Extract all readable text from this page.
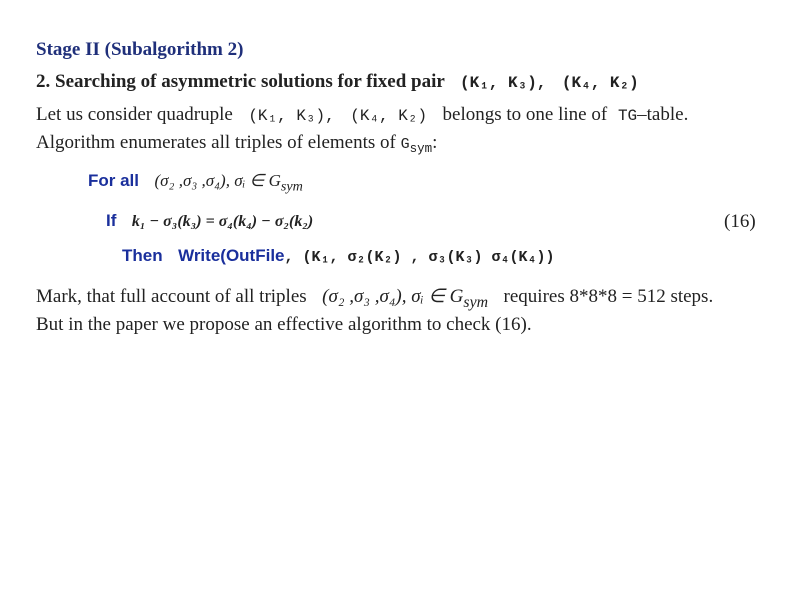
Stage II (Subalgorithm 2)
2. Searching of asymmetric solutions for fixed pair (K₁, K₃), (K₄, K₂)
Let us consider quadruple (K₁, K₃), (K₄, K₂) belongs to one line of TG–table.
Algorithm enumerates all triples of elements of $G_{sym}$:
For all (σ₂ ,σ₃ ,σ₄), σᵢ ∈ $G_{sym}$
If k₁ − σ₃(k₃) = σ₄(k₄) − σ₂(k₂)	(16)
Then Write(OutFile, (K₁, σ₂(K₂) , σ₃(K₃) σ₄(K₄))
Mark, that full account of all triples (σ₂ ,σ₃ ,σ₄), σᵢ ∈ $G_{sym}$ requires 8*8*8 = 512 steps.
But in the paper we propose an effective algorithm to check (16).
